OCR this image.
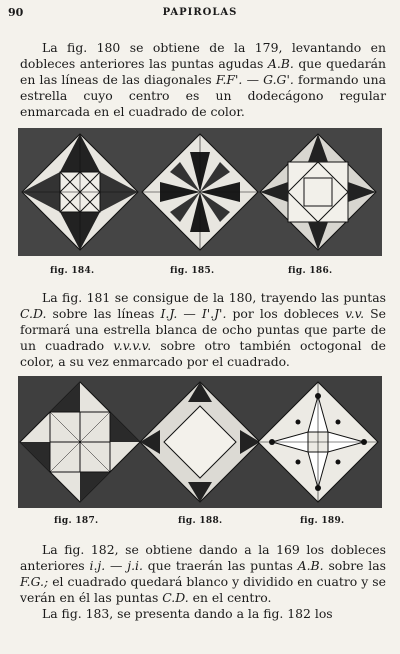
90	PAPIROLAS

La fig. 180 se obtiene de la 179, levantando en dobleces anteriores las puntas agudas A.B. que quedarán en las líneas de las diagonales F.F'. — G.G'. formando una estrella cuyo centro es un dodecágono regular enmarcada en el cuadrado de color.

fig. 184.	fig. 185.	fig. 186.

La fig. 181 se consigue de la 180, trayendo las puntas C.D. sobre las líneas I.J. — I'.J'. por los dobleces v.v. Se formará una estrella blanca de ocho puntas que parte de un cuadrado v.v.v.v. sobre otro también octogonal de color, a su vez enmarcado por el cuadrado.

fig. 187.	fig. 188.	fig. 189.

La fig. 182, se obtiene dando a la 169 los dobleces anteriores i.j. — j.i. que traerán las puntas A.B. sobre las F.G.; el cuadrado quedará blanco y dividido en cuatro y se verán en él las puntas C.D. en el centro.
La fig. 183, se presenta dando a la fig. 182 los
